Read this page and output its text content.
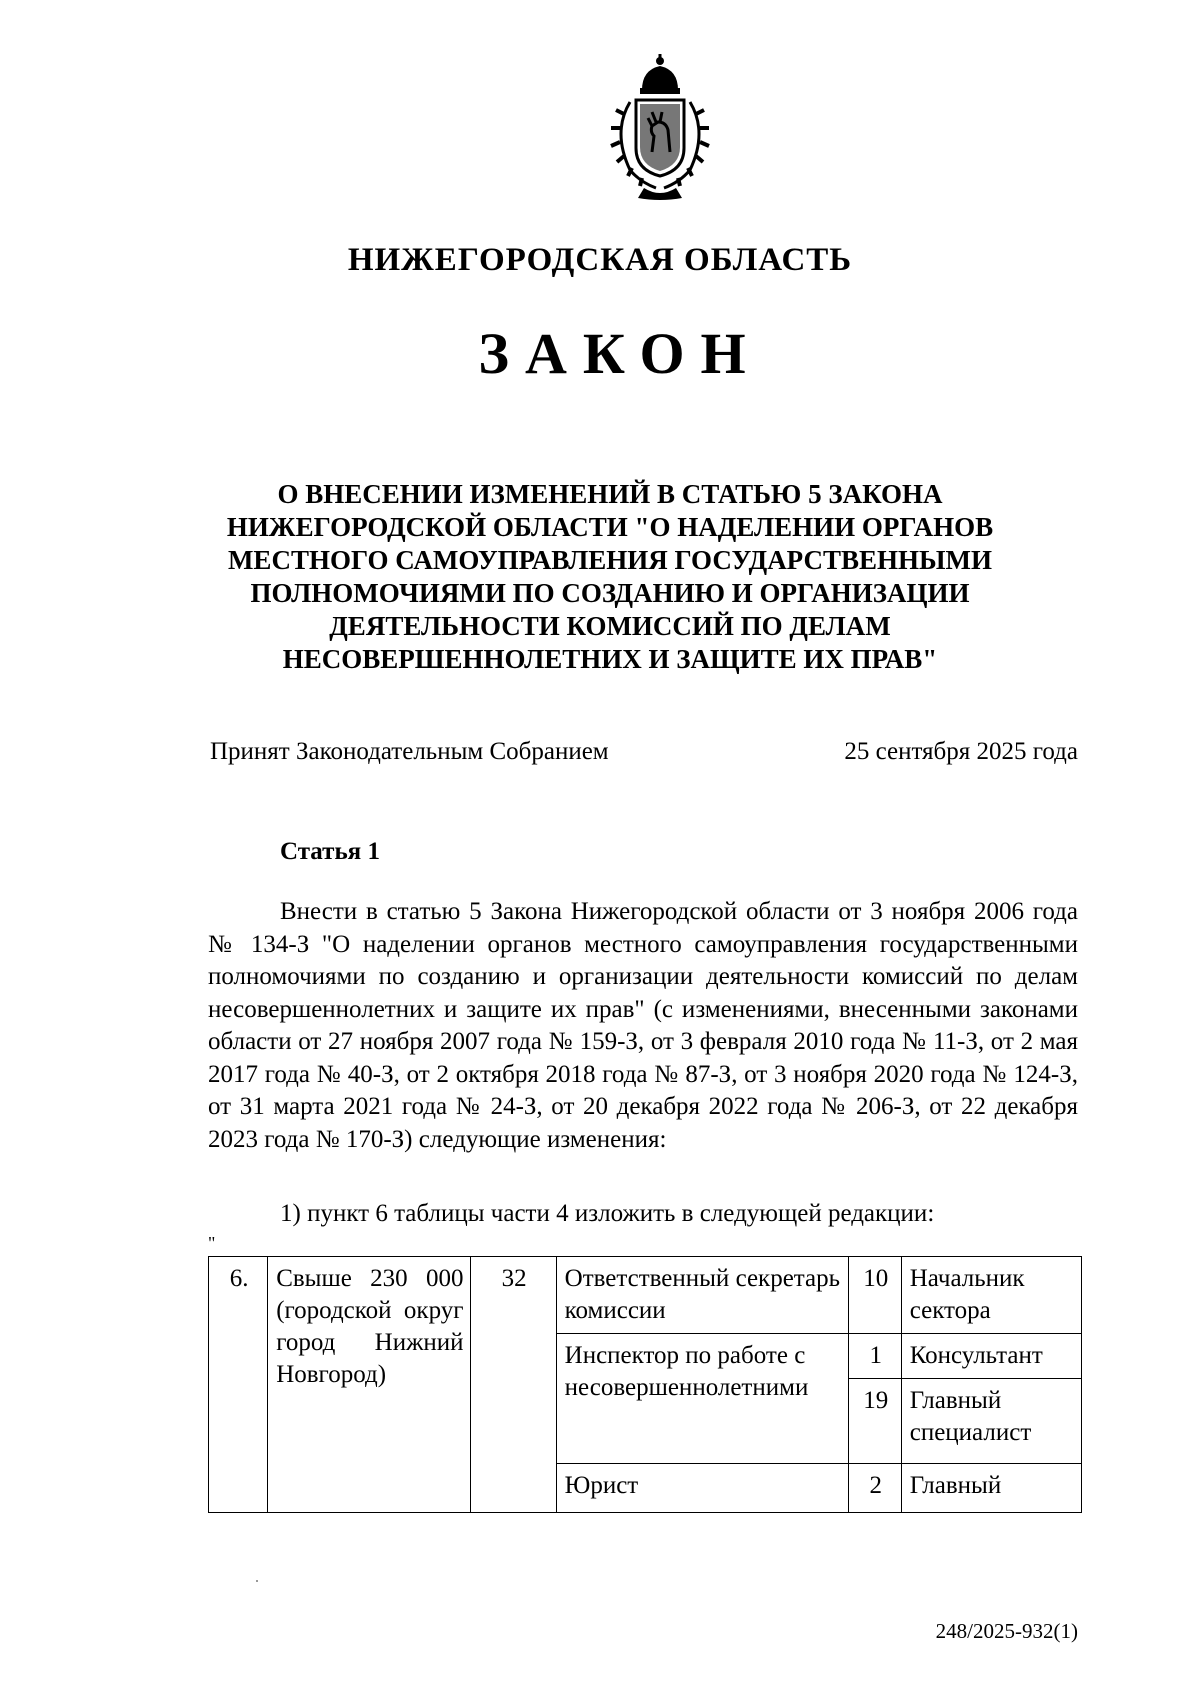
НИЖЕГОРОДСКАЯ ОБЛАСТЬ
ЗАКОН
О ВНЕСЕНИИ ИЗМЕНЕНИЙ В СТАТЬЮ 5 ЗАКОНА
НИЖЕГОРОДСКОЙ ОБЛАСТИ "О НАДЕЛЕНИИ ОРГАНОВ
МЕСТНОГО САМОУПРАВЛЕНИЯ ГОСУДАРСТВЕННЫМИ
ПОЛНОМОЧИЯМИ ПО СОЗДАНИЮ И ОРГАНИЗАЦИИ
ДЕЯТЕЛЬНОСТИ КОМИССИЙ ПО ДЕЛАМ
НЕСОВЕРШЕННОЛЕТНИХ И ЗАЩИТЕ ИХ ПРАВ"
Принят Законодательным Собранием	25 сентября 2025 года
Статья 1

Внести в статью 5 Закона Нижегородской области от 3 ноября 2006 года № 134-З "О наделении органов местного самоуправления государственными полномочиями по созданию и организации деятельности комиссий по делам несовершеннолетних и защите их прав" (с изменениями, внесенными законами области от 27 ноября 2007 года № 159-З, от 3 февраля 2010 года № 11-З, от 2 мая 2017 года № 40-З, от 2 октября 2018 года № 87-З, от 3 ноября 2020 года № 124-З, от 31 марта 2021 года № 24-З, от 20 декабря 2022 года № 206-З, от 22 декабря 2023 года № 170-З) следующие изменения:

1) пункт 6 таблицы части 4 изложить в следующей редакции:
"
6.	Свыше 230 000 (городской округ город Нижний Новгород)	32	Ответственный секретарь комиссии	10	Начальник сектора
			Инспектор по работе с несовершеннолетними	1	Консультант
				19	Главный специалист
			Юрист	2	Главный
248/2025-932(1)
